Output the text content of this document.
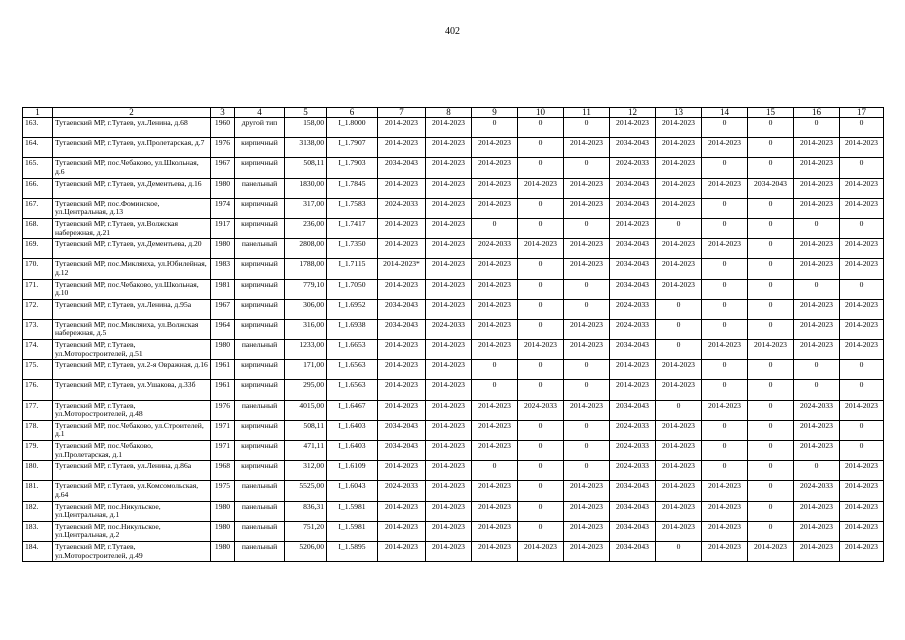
402
1	2	3	4	5	6	7	8	9	10	11	12	13	14	15	16	17
163.	Тутаевский МР, г.Тутаев, ул.Ленина, д.68	1960	другой тип	158,00	I_1.8000	2014-2023	2014-2023	0	0	0	2014-2023	2014-2023	0	0	0	0
164.	Тутаевский МР, г.Тутаев, ул.Пролетарская, д.7	1976	кирпичный	3138,00	I_1.7907	2014-2023	2014-2023	2014-2023	0	2014-2023	2034-2043	2014-2023	2014-2023	0	2014-2023	2014-2023
165.	Тутаевский МР, пос.Чебаково, ул.Школьная, д.6	1967	кирпичный	508,11	I_1.7903	2034-2043	2014-2023	2014-2023	0	0	2024-2033	2014-2023	0	0	2014-2023	0
166.	Тутаевский МР, г.Тутаев, ул.Дементьева, д.16	1980	панельный	1830,00	I_1.7845	2014-2023	2014-2023	2014-2023	2014-2023	2014-2023	2034-2043	2014-2023	2014-2023	2034-2043	2014-2023	2014-2023
167.	Тутаевский МР, пос.Фоминское, ул.Центральная, д.13	1974	кирпичный	317,00	I_1.7583	2024-2033	2014-2023	2014-2023	0	2014-2023	2034-2043	2014-2023	0	0	2014-2023	2014-2023
168.	Тутаевский МР, г.Тутаев, ул.Волжская набережная, д.21	1917	кирпичный	236,00	I_1.7417	2014-2023	2014-2023	0	0	0	2014-2023	0	0	0	0	0
169.	Тутаевский МР, г.Тутаев, ул.Дементьева, д.20	1980	панельный	2808,00	I_1.7350	2014-2023	2014-2023	2024-2033	2014-2023	2014-2023	2034-2043	2014-2023	2014-2023	0	2014-2023	2014-2023
170.	Тутаевский МР, пос.Микляиха, ул.Юбилейная, д.12	1983	кирпичный	1788,00	I_1.7115	2014-2023*	2014-2023	2014-2023	0	2014-2023	2034-2043	2014-2023	0	0	2014-2023	2014-2023
171.	Тутаевский МР, пос.Чебаково, ул.Школьная, д.10	1981	кирпичный	779,10	I_1.7050	2014-2023	2014-2023	2014-2023	0	0	2034-2043	2014-2023	0	0	0	0
172.	Тутаевский МР, г.Тутаев, ул.Ленина, д.95а	1967	кирпичный	306,00	I_1.6952	2034-2043	2014-2023	2014-2023	0	0	2024-2033	0	0	0	2014-2023	2014-2023
173.	Тутаевский МР, пос.Микляиха, ул.Волжская набережная, д.5	1964	кирпичный	316,00	I_1.6938	2034-2043	2024-2033	2014-2023	0	2014-2023	2024-2033	0	0	0	2014-2023	2014-2023
174.	Тутаевский МР, г.Тутаев, ул.Моторостроителей, д.51	1980	панельный	1233,00	I_1.6653	2014-2023	2014-2023	2014-2023	2014-2023	2014-2023	2034-2043	0	2014-2023	2014-2023	2014-2023	2014-2023
175.	Тутаевский МР, г.Тутаев, ул.2-я Овражная, д.16	1961	кирпичный	171,00	I_1.6563	2014-2023	2014-2023	0	0	0	2014-2023	2014-2023	0	0	0	0
176.	Тутаевский МР, г.Тутаев, ул.Ушакова, д.33б	1961	кирпичный	295,00	I_1.6563	2014-2023	2014-2023	0	0	0	2014-2023	2014-2023	0	0	0	0
177.	Тутаевский МР, г.Тутаев, ул.Моторостроителей, д.48	1976	панельный	4015,00	I_1.6467	2014-2023	2014-2023	2014-2023	2024-2033	2014-2023	2034-2043	0	2014-2023	0	2024-2033	2014-2023
178.	Тутаевский МР, пос.Чебаково, ул.Строителей, д.1	1971	кирпичный	508,11	I_1.6403	2034-2043	2014-2023	2014-2023	0	0	2024-2033	2014-2023	0	0	2014-2023	0
179.	Тутаевский МР, пос.Чебаково, ул.Пролетарская, д.1	1971	кирпичный	471,11	I_1.6403	2034-2043	2014-2023	2014-2023	0	0	2024-2033	2014-2023	0	0	2014-2023	0
180.	Тутаевский МР, г.Тутаев, ул.Ленина, д.86а	1968	кирпичный	312,00	I_1.6109	2014-2023	2014-2023	0	0	0	2024-2033	2014-2023	0	0	0	2014-2023
181.	Тутаевский МР, г.Тутаев, ул.Комсомольская, д.64	1975	панельный	5525,00	I_1.6043	2024-2033	2014-2023	2014-2023	0	2014-2023	2034-2043	2014-2023	2014-2023	0	2024-2033	2014-2023
182.	Тутаевский МР, пос.Никульское, ул.Центральная, д.1	1980	панельный	836,31	I_1.5981	2014-2023	2014-2023	2014-2023	0	2014-2023	2034-2043	2014-2023	2014-2023	0	2014-2023	2014-2023
183.	Тутаевский МР, пос.Никульское, ул.Центральная, д.2	1980	панельный	751,20	I_1.5981	2014-2023	2014-2023	2014-2023	0	2014-2023	2034-2043	2014-2023	2014-2023	0	2014-2023	2014-2023
184.	Тутаевский МР, г.Тутаев, ул.Моторостроителей, д.49	1980	панельный	5206,00	I_1.5895	2014-2023	2014-2023	2014-2023	2014-2023	2014-2023	2034-2043	0	2014-2023	2014-2023	2014-2023	2014-2023
